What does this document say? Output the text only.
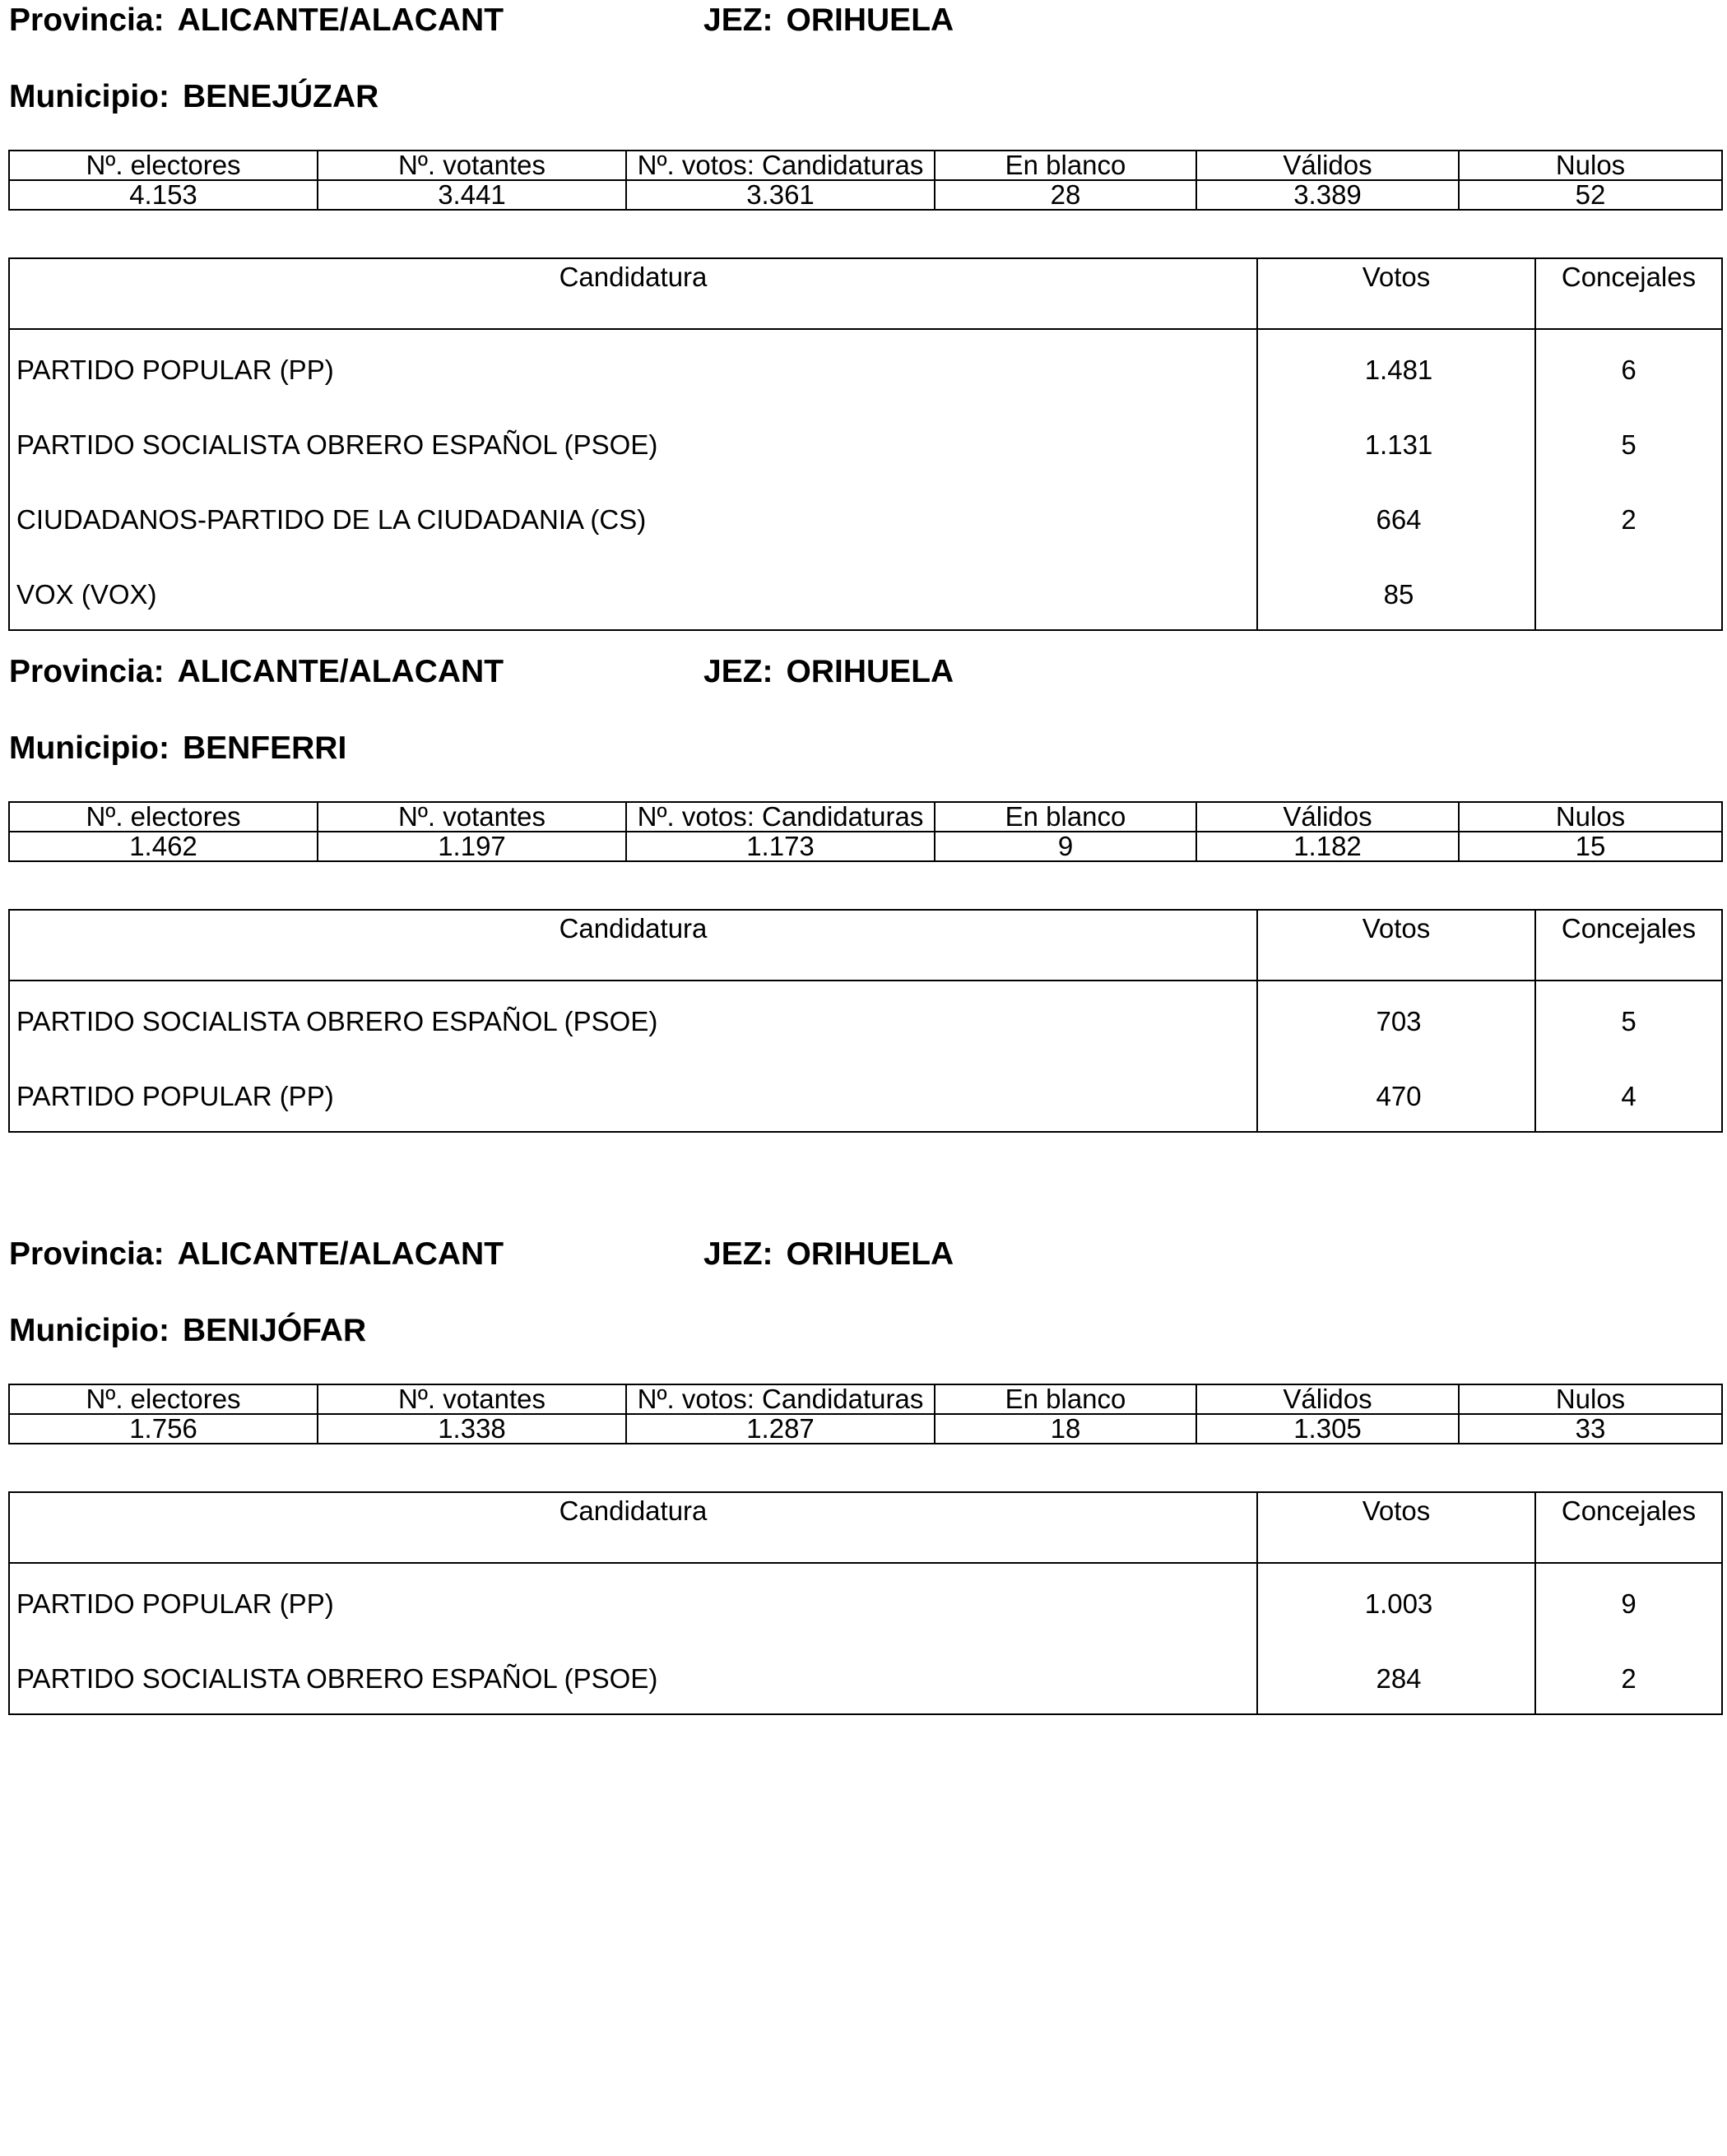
Provincia: ALICANTE/ALACANT	JEZ: ORIHUELA
Municipio: BENEJÚZAR
Nº. electores	Nº. votantes	Nº. votos: Candidaturas	En blanco	Válidos	Nulos
4.153	3.441	3.361	28	3.389	52
Candidatura	Votos	Concejales
PARTIDO POPULAR (PP)	1.481	6
PARTIDO SOCIALISTA OBRERO ESPAÑOL (PSOE)	1.131	5
CIUDADANOS-PARTIDO DE LA CIUDADANIA (CS)	664	2
VOX (VOX)	85	
Provincia: ALICANTE/ALACANT	JEZ: ORIHUELA
Municipio: BENFERRI
Nº. electores	Nº. votantes	Nº. votos: Candidaturas	En blanco	Válidos	Nulos
1.462	1.197	1.173	9	1.182	15
Candidatura	Votos	Concejales
PARTIDO SOCIALISTA OBRERO ESPAÑOL (PSOE)	703	5
PARTIDO POPULAR (PP)	470	4
Provincia: ALICANTE/ALACANT	JEZ: ORIHUELA
Municipio: BENIJÓFAR
Nº. electores	Nº. votantes	Nº. votos: Candidaturas	En blanco	Válidos	Nulos
1.756	1.338	1.287	18	1.305	33
Candidatura	Votos	Concejales
PARTIDO POPULAR (PP)	1.003	9
PARTIDO SOCIALISTA OBRERO ESPAÑOL (PSOE)	284	2
